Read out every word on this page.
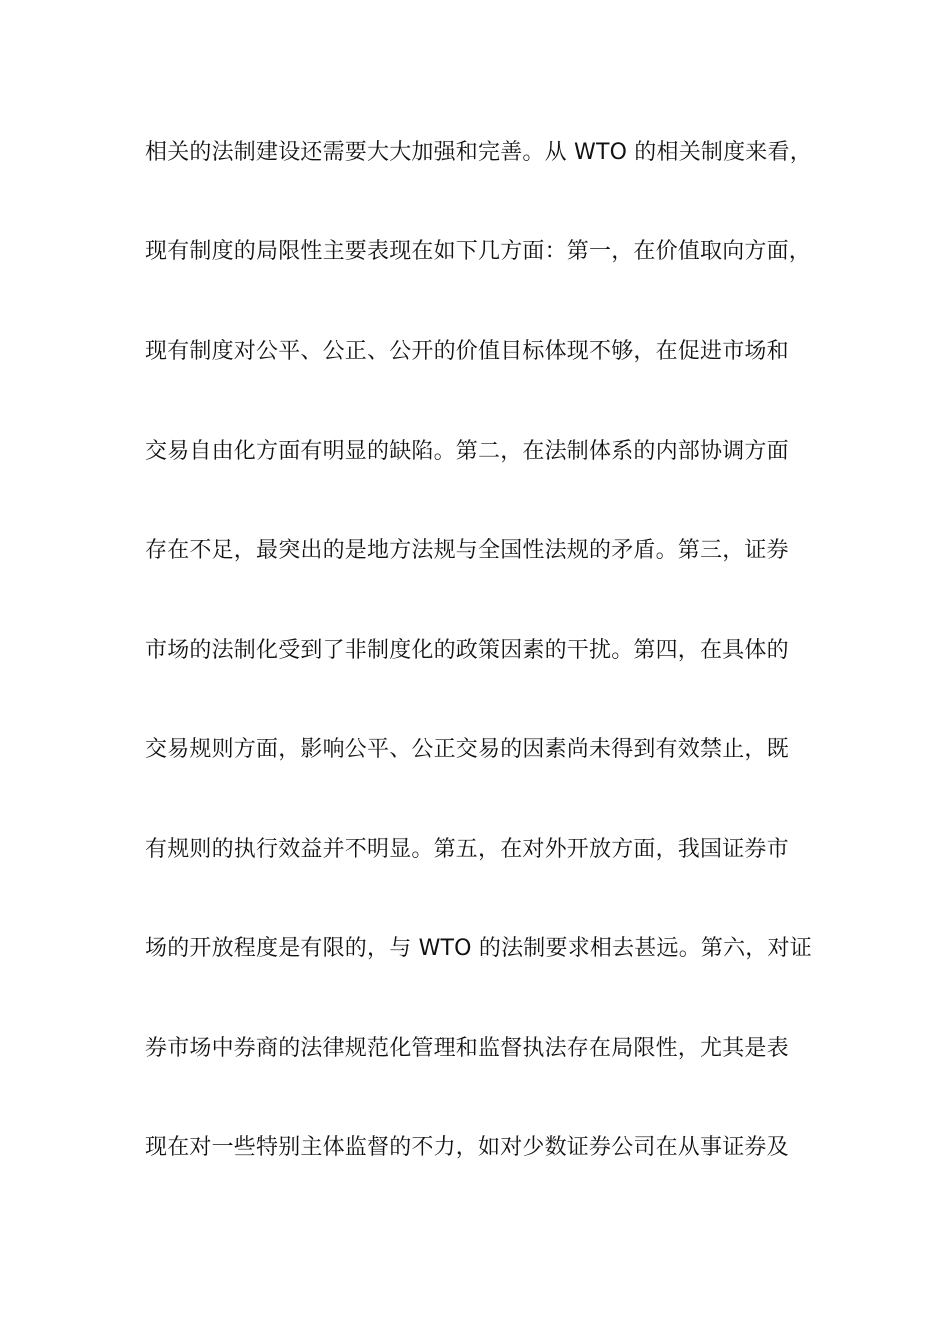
相关的法制建设还需要大大加强和完善。从 WTO 的相关制度来看，
现有制度的局限性主要表现在如下几方面：第一，在价值取向方面，
现有制度对公平、公正、公开的价值目标体现不够，在促进市场和
交易自由化方面有明显的缺陷。第二，在法制体系的内部协调方面
存在不足，最突出的是地方法规与全国性法规的矛盾。第三，证券
市场的法制化受到了非制度化的政策因素的干扰。第四，在具体的
交易规则方面，影响公平、公正交易的因素尚未得到有效禁止，既
有规则的执行效益并不明显。第五，在对外开放方面，我国证券市
场的开放程度是有限的，与 WTO 的法制要求相去甚远。第六，对证
券市场中券商的法律规范化管理和监督执法存在局限性，尤其是表
现在对一些特别主体监督的不力，如对少数证券公司在从事证券及
